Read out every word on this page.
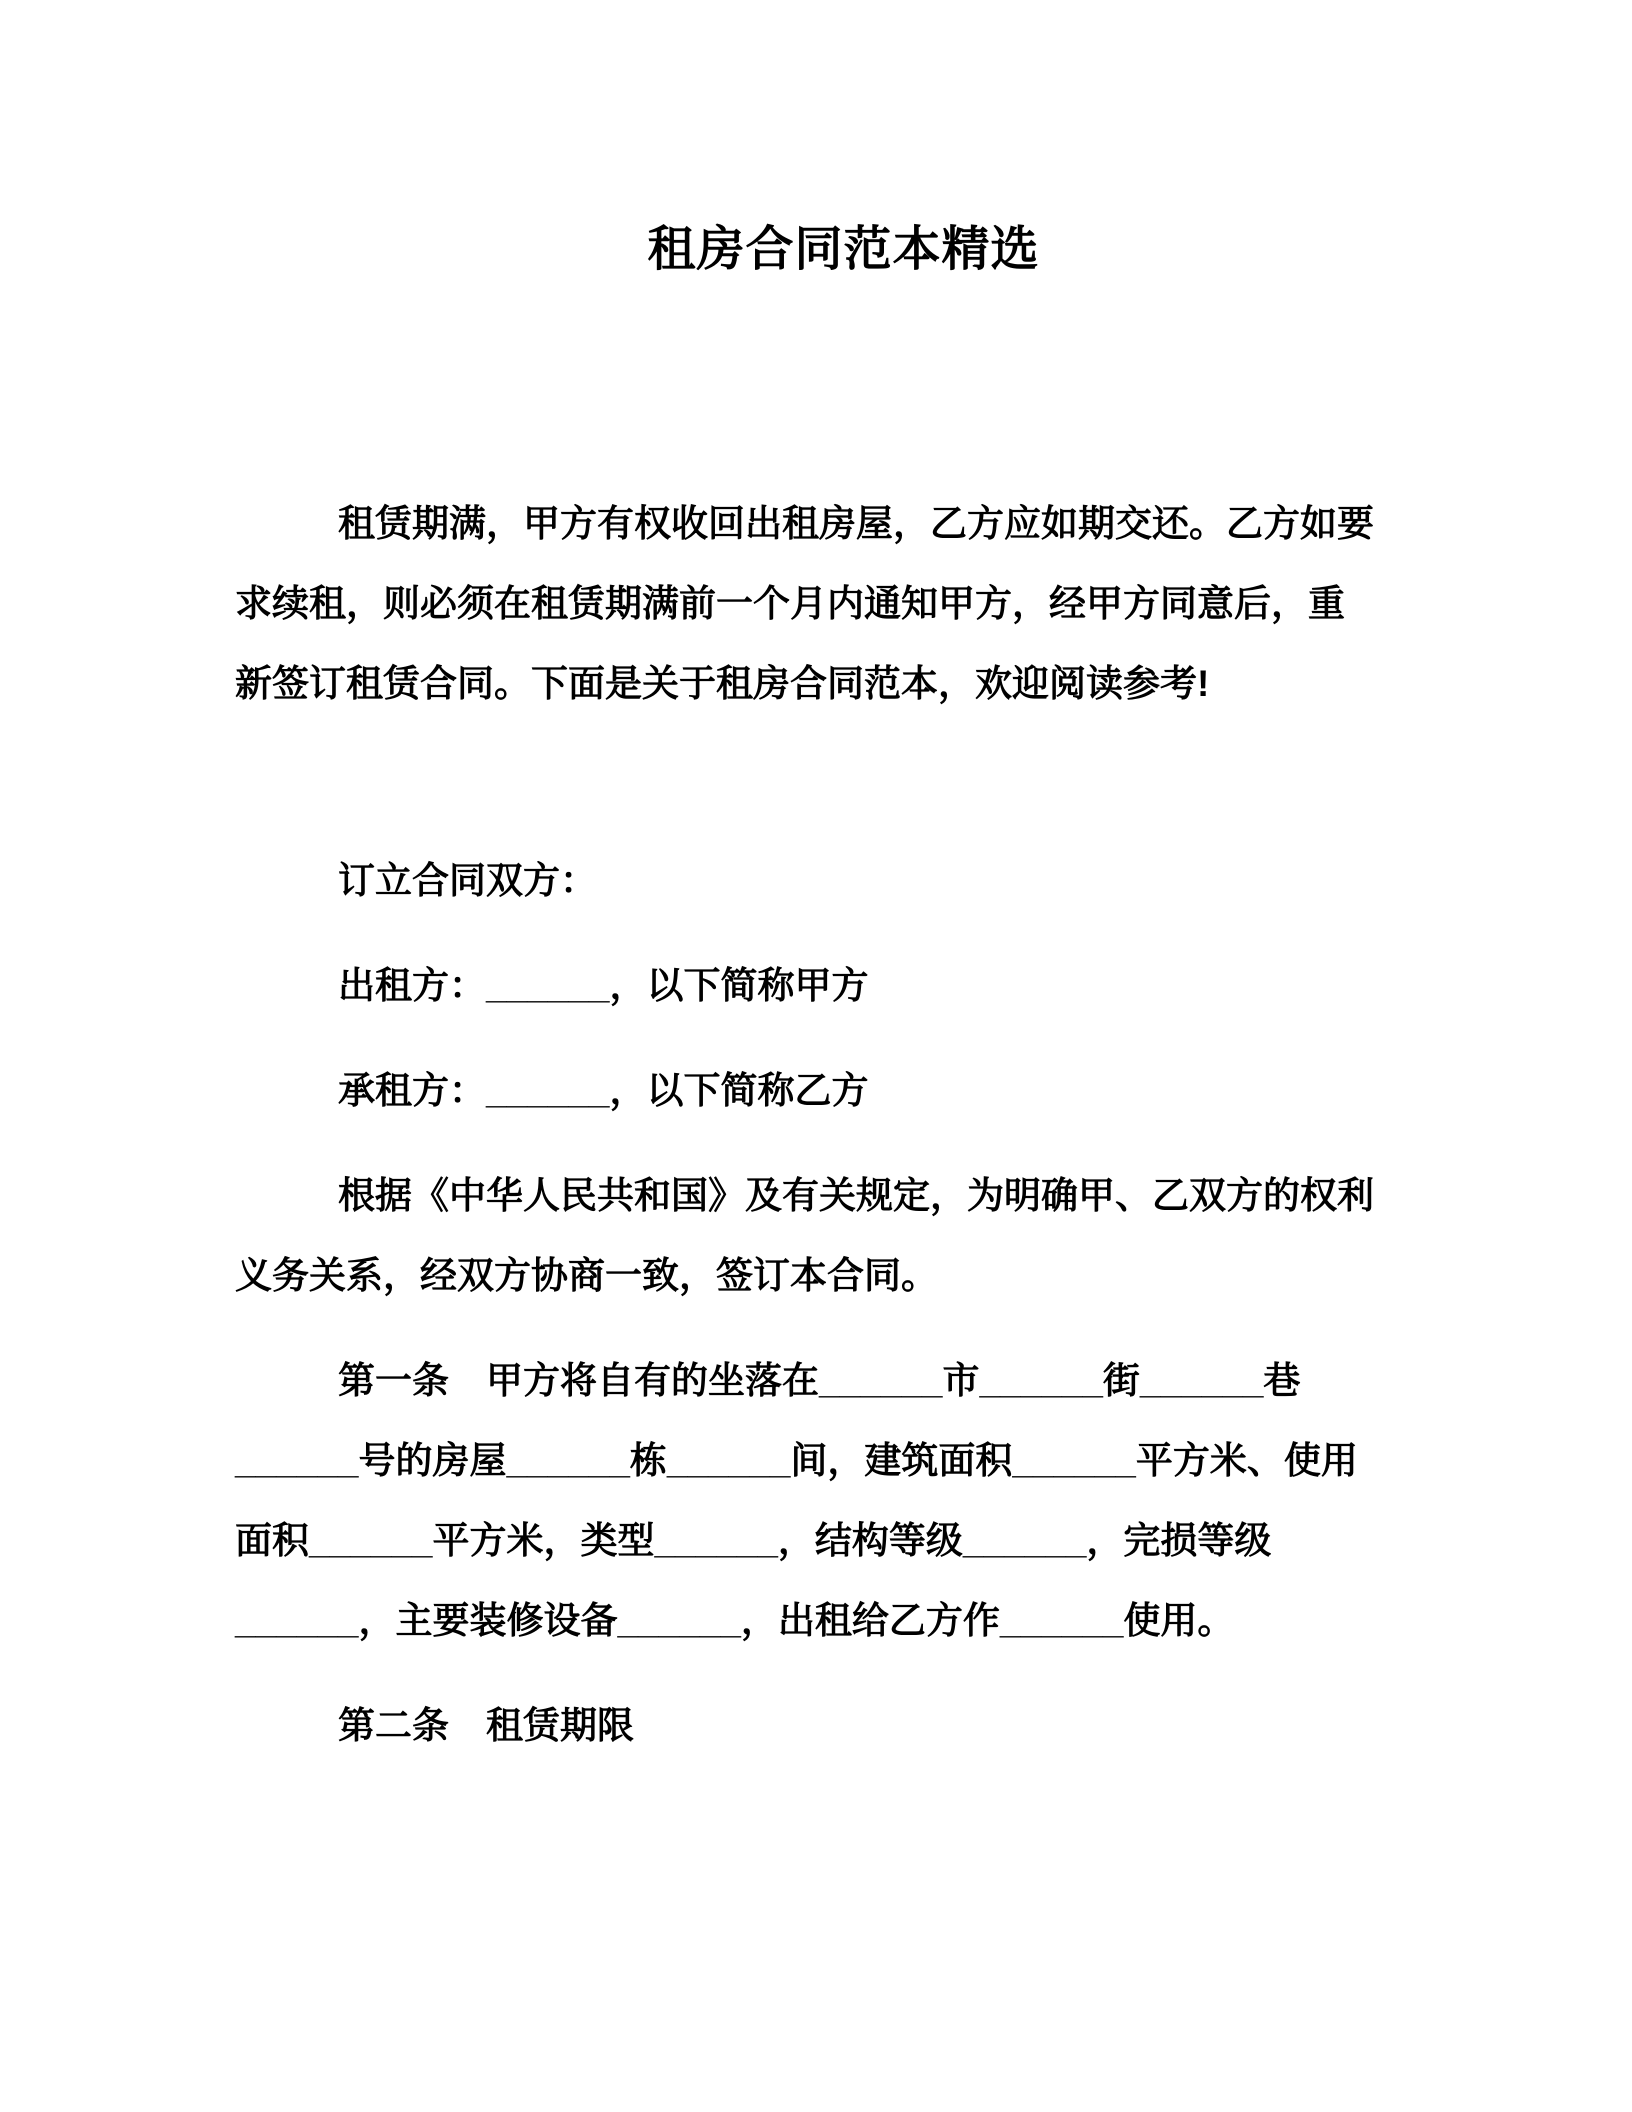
租房合同范本精选
租赁期满，甲方有权收回出租房屋，乙方应如期交还。乙方如要
求续租，则必须在租赁期满前一个月内通知甲方，经甲方同意后，重
新签订租赁合同。下面是关于租房合同范本，欢迎阅读参考!
订立合同双方：
出租方：______，以下简称甲方
承租方：______，以下简称乙方
根据《中华人民共和国》及有关规定，为明确甲、乙双方的权利
义务关系，经双方协商一致，签订本合同。
第一条　甲方将自有的坐落在______市______街______巷
______号的房屋______栋______间，建筑面积______平方米、使用
面积______平方米，类型______，结构等级______，完损等级
______，主要装修设备______，出租给乙方作______使用。
第二条　租赁期限
